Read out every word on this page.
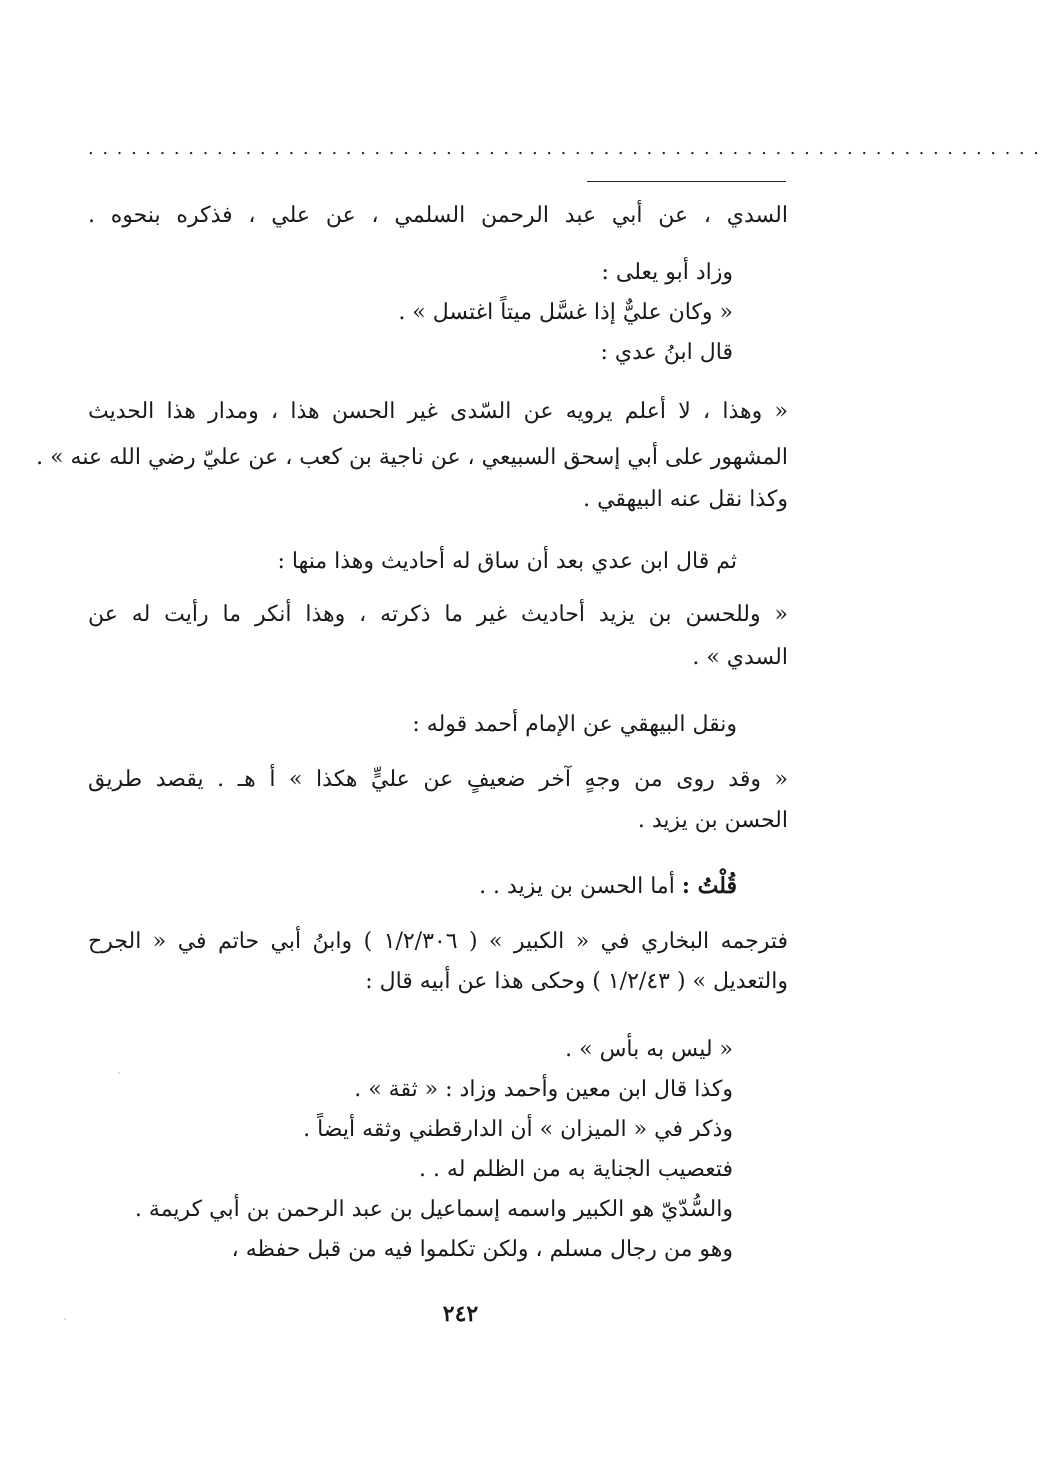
...................................................................
السدي ، عن أبي عبد الرحمن السلمي ، عن علي ، فذكره بنحوه .
وزاد أبو يعلى :
« وكان عليٌّ إذا غسَّل ميتاً اغتسل » .
قال ابنُ عدي :
« وهذا ، لا أعلم يرويه عن السّدى غير الحسن هذا ، ومدار هذا الحديث
المشهور على أبي إسحق السبيعي ، عن ناجية بن كعب ، عن عليّ رضي الله عنه » .
وكذا نقل عنه البيهقي .
ثم قال ابن عدي بعد أن ساق له أحاديث وهذا منها :
« وللحسن بن يزيد أحاديث غير ما ذكرته ، وهذا أنكر ما رأيت له عن
السدي » .
ونقل البيهقي عن الإمام أحمد قوله :
« وقد روى من وجهٍ آخر ضعيفٍ عن عليٍّ هكذا » أ هـ . يقصد طريق
الحسن بن يزيد .
قُلْتُ : أما الحسن بن يزيد . .
فترجمه البخاري في « الكبير » ( ١/٢/٣٠٦ ) وابنُ أبي حاتم في « الجرح
والتعديل » ( ١/٢/٤٣ ) وحكى هذا عن أبيه قال :
« ليس به بأس » .
وكذا قال ابن معين وأحمد وزاد : « ثقة » .
وذكر في « الميزان » أن الدارقطني وثقه أيضاً .
فتعصيب الجناية به من الظلم له . .
والسُّدّيّ هو الكبير واسمه إسماعيل بن عبد الرحمن بن أبي كريمة .
وهو من رجال مسلم ، ولكن تكلموا فيه من قبل حفظه ،
٢٤٢
